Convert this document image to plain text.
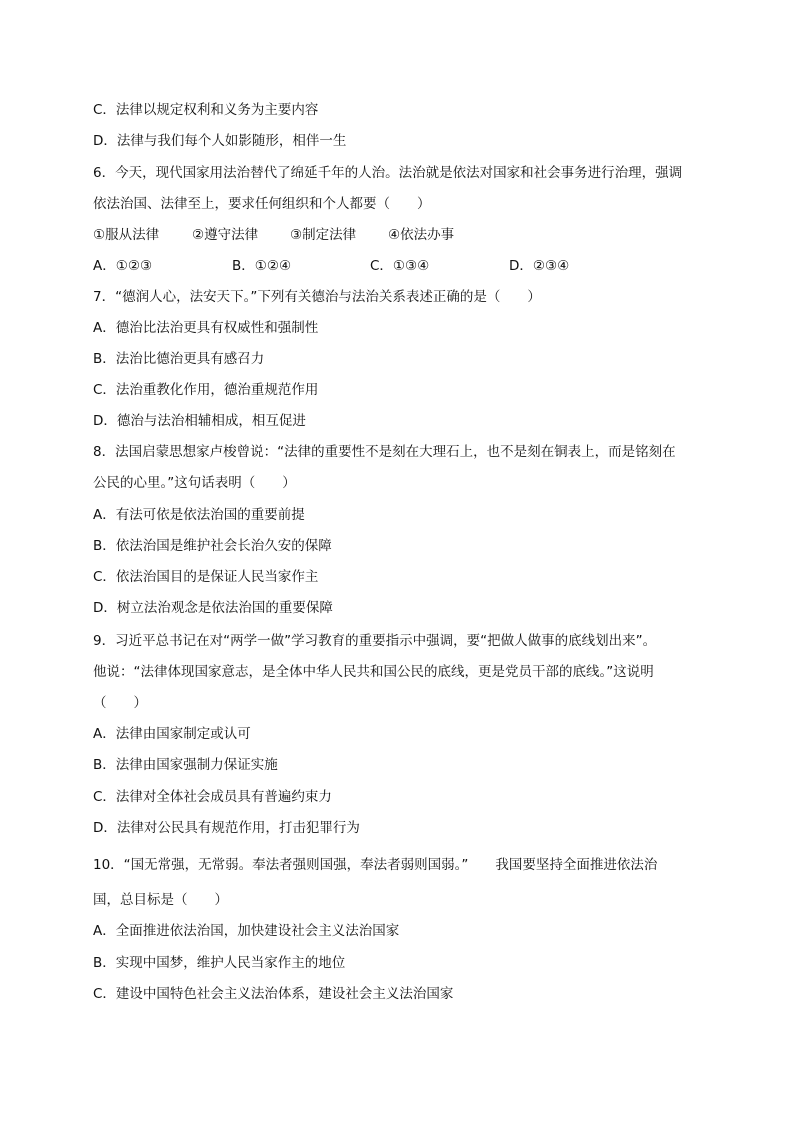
C．法律以规定权利和义务为主要内容

D．法律与我们每个人如影随形，相伴一生

6．今天，现代国家用法治替代了绵延千年的人治。法治就是依法对国家和社会事务进行治理，强调

依法治国、法律至上，要求任何组织和个人都要（　　）

①服从法律 ②遵守法律 ③制定法律 ④依法办事
A．①②③	B．①②④	C．①③④	D．②③④

7．“德润人心，法安天下。”下列有关德治与法治关系表述正确的是（　　）

A．德治比法治更具有权威性和强制性

B．法治比德治更具有感召力

C．法治重教化作用，德治重规范作用

D．德治与法治相辅相成，相互促进

8．法国启蒙思想家卢梭曾说：“法律的重要性不是刻在大理石上，也不是刻在铜表上，而是铭刻在

公民的心里。”这句话表明（　　）

A．有法可依是依法治国的重要前提

B．依法治国是维护社会长治久安的保障

C．依法治国目的是保证人民当家作主

D．树立法治观念是依法治国的重要保障

9．习近平总书记在对“两学一做”学习教育的重要指示中强调，要“把做人做事的底线划出来”。

他说：“法律体现国家意志，是全体中华人民共和国公民的底线，更是党员干部的底线。”这说明

（　　）

A．法律由国家制定或认可

B．法律由国家强制力保证实施

C．法律对全体社会成员具有普遍约束力

D．法律对公民具有规范作用，打击犯罪行为

10．“国无常强，无常弱。奉法者强则国强，奉法者弱则国弱。”　　我国要坚持全面推进依法治

国，总目标是（　　）

A．全面推进依法治国，加快建设社会主义法治国家

B．实现中国梦，维护人民当家作主的地位

C．建设中国特色社会主义法治体系，建设社会主义法治国家
